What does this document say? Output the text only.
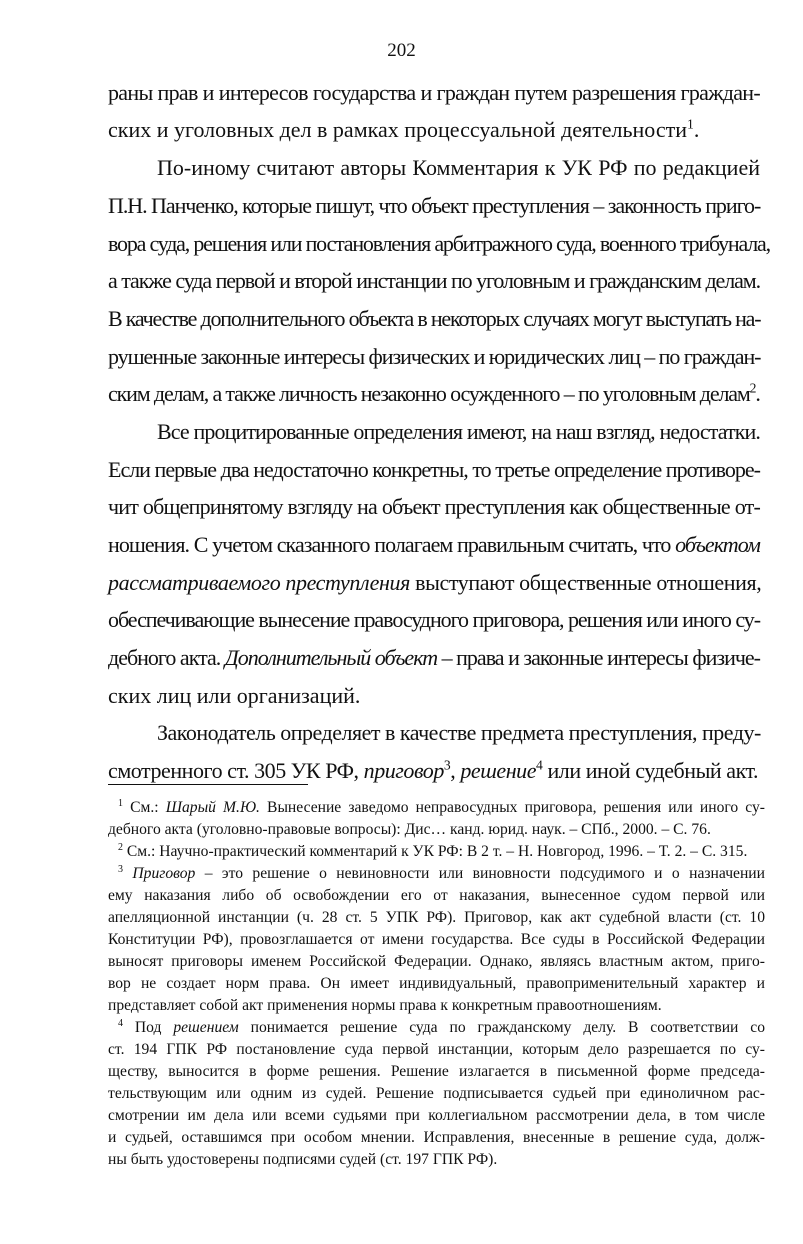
202
раны прав и интересов государства и граждан путем разрешения граждан-
ских и уголовных дел в рамках процессуальной деятельности$^1$.
По-иному считают авторы Комментария к УК РФ по редакцией
П.Н. Панченко, которые пишут, что объект преступления – законность приго-
вора суда, решения или постановления арбитражного суда, военного трибунала,
а также суда первой и второй инстанции по уголовным и гражданским делам.
В качестве дополнительного объекта в некоторых случаях могут выступать на-
рушенные законные интересы физических и юридических лиц – по граждан-
ским делам, а также личность незаконно осужденного – по уголовным делам$^2$.
Все процитированные определения имеют, на наш взгляд, недостатки.
Если первые два недостаточно конкретны, то третье определение противоре-
чит общепринятому взгляду на объект преступления как общественные от-
ношения. С учетом сказанного полагаем правильным считать, что объектом
рассматриваемого преступления выступают общественные отношения,
обеспечивающие вынесение правосудного приговора, решения или иного су-
дебного акта. Дополнительный объект – права и законные интересы физиче-
ских лиц или организаций.
Законодатель определяет в качестве предмета преступления, преду-
смотренного ст. 305 УК РФ, приговор$^3$, решение$^4$ или иной судебный акт.
$^1$ См.: Шарый М.Ю. Вынесение заведомо неправосудных приговора, решения или иного су-
дебного акта (уголовно-правовые вопросы): Дис… канд. юрид. наук. – СПб., 2000. – С. 76.
$^2$ См.: Научно-практический комментарий к УК РФ: В 2 т. – Н. Новгород, 1996. – Т. 2. – С. 315.
$^3$ Приговор – это решение о невиновности или виновности подсудимого и о назначении
ему наказания либо об освобождении его от наказания, вынесенное судом первой или
апелляционной инстанции (ч. 28 ст. 5 УПК РФ). Приговор, как акт судебной власти (ст. 10
Конституции РФ), провозглашается от имени государства. Все суды в Российской Федерации
выносят приговоры именем Российской Федерации. Однако, являясь властным актом, приго-
вор не создает норм права. Он имеет индивидуальный, правоприменительный характер и
представляет собой акт применения нормы права к конкретным правоотношениям.
$^4$ Под решением понимается решение суда по гражданскому делу. В соответствии со
ст. 194 ГПК РФ постановление суда первой инстанции, которым дело разрешается по су-
ществу, выносится в форме решения. Решение излагается в письменной форме председа-
тельствующим или одним из судей. Решение подписывается судьей при единоличном рас-
смотрении им дела или всеми судьями при коллегиальном рассмотрении дела, в том числе
и судьей, оставшимся при особом мнении. Исправления, внесенные в решение суда, долж-
ны быть удостоверены подписями судей (ст. 197 ГПК РФ).
